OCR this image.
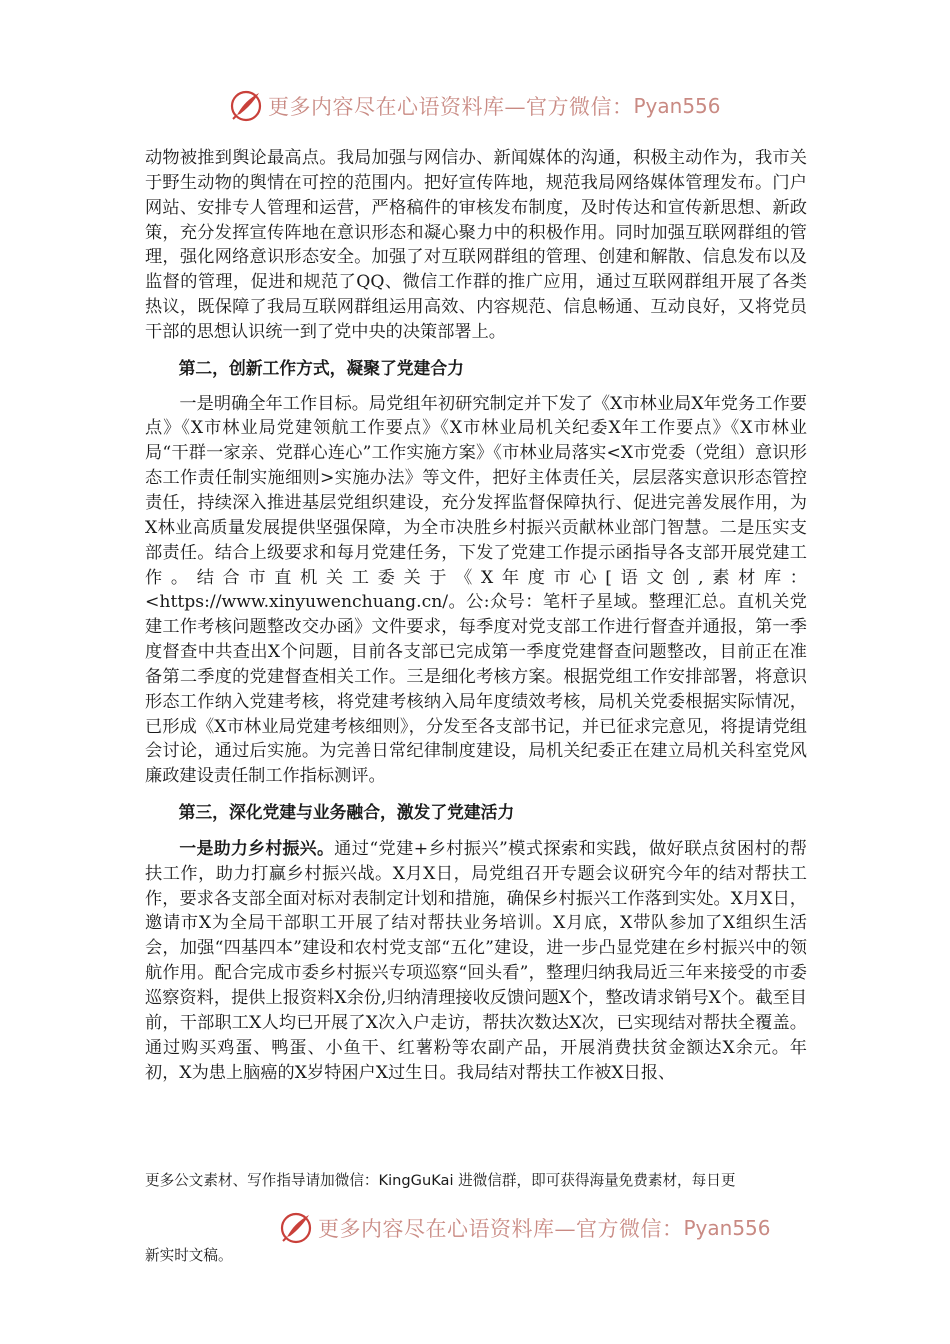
更多内容尽在心语资料库—官方微信： Pyan556

动物被推到舆论最高点。我局加强与网信办、新闻媒体的沟通，积极主动作为，我市关于野生动物的舆情在可控的范围内。把好宣传阵地，规范我局网络媒体管理发布。门户网站、安排专人管理和运营，严格稿件的审核发布制度，及时传达和宣传新思想、新政策，充分发挥宣传阵地在意识形态和凝心聚力中的积极作用。同时加强互联网群组的管理，强化网络意识形态安全。加强了对互联网群组的管理、创建和解散、信息发布以及监督的管理，促进和规范了QQ、微信工作群的推广应用，通过互联网群组开展了各类热议，既保障了我局互联网群组运用高效、内容规范、信息畅通、互动良好，又将党员干部的思想认识统一到了党中央的决策部署上。

第二，创新工作方式，凝聚了党建合力

一是明确全年工作目标。局党组年初研究制定并下发了《X市林业局X年党务工作要点》《X市林业局党建领航工作要点》《X市林业局机关纪委X年工作要点》《X市林业局“干群一家亲、党群心连心”工作实施方案》《市林业局落实<X市党委（党组）意识形态工作责任制实施细则>实施办法》等文件，把好主体责任关，层层落实意识形态管控责任，持续深入推进基层党组织建设，充分发挥监督保障执行、促进完善发展作用，为X林业高质量发展提供坚强保障，为全市决胜乡村振兴贡献林业部门智慧。二是压实支部责任。结合上级要求和每月党建任务，下发了党建工作提示函指导各支部开展党建工作。结合市直机关工委关于《X年度市心[语文创,素材库：<https://www.xinyuwenchuang.cn/。公:众号：笔杆子星域。整理汇总。直机关党建工作考核问题整改交办函》文件要求，每季度对党支部工作进行督查并通报，第一季度督查中共查出X个问题，目前各支部已完成第一季度党建督查问题整改，目前正在准备第二季度的党建督查相关工作。三是细化考核方案。根据党组工作安排部署，将意识形态工作纳入党建考核，将党建考核纳入局年度绩效考核，局机关党委根据实际情况，已形成《X市林业局党建考核细则》，分发至各支部书记，并已征求完意见，将提请党组会讨论，通过后实施。为完善日常纪律制度建设，局机关纪委正在建立局机关科室党风廉政建设责任制工作指标测评。

第三，深化党建与业务融合，激发了党建活力

一是助力乡村振兴。通过“党建+乡村振兴”模式探索和实践，做好联点贫困村的帮扶工作，助力打赢乡村振兴战。X月X日，局党组召开专题会议研究今年的结对帮扶工作，要求各支部全面对标对表制定计划和措施，确保乡村振兴工作落到实处。X月X日，邀请市X为全局干部职工开展了结对帮扶业务培训。X月底，X带队参加了X组织生活会，加强“四基四本”建设和农村党支部“五化”建设，进一步凸显党建在乡村振兴中的领航作用。配合完成市委乡村振兴专项巡察“回头看”，整理归纳我局近三年来接受的市委巡察资料，提供上报资料X余份,归纳清理接收反馈问题X个，整改请求销号X个。截至目前，干部职工X人均已开展了X次入户走访，帮扶次数达X次，已实现结对帮扶全覆盖。通过购买鸡蛋、鸭蛋、小鱼干、红薯粉等农副产品，开展消费扶贫金额达X余元。年初，X为患上脑癌的X岁特困户X过生日。我局结对帮扶工作被X日报、

更多公文素材、写作指导请加微信：KingGuKai 进微信群，即可获得海量免费素材，每日更
更多内容尽在心语资料库—官方微信： Pyan556
新实时文稿。
